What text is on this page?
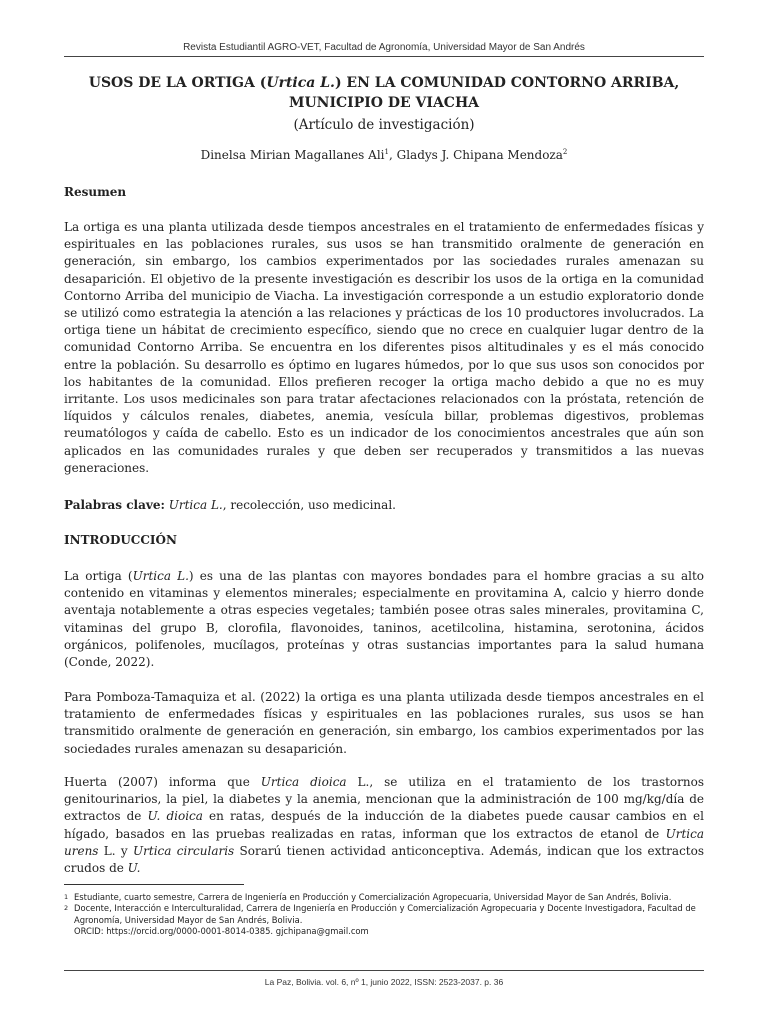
Revista Estudiantil AGRO-VET, Facultad de Agronomía, Universidad Mayor de San Andrés

USOS DE LA ORTIGA (Urtica L.) EN LA COMUNIDAD CONTORNO ARRIBA,
MUNICIPIO DE VIACHA

(Artículo de investigación)

Dinelsa Mirian Magallanes Ali$^1$, Gladys J. Chipana Mendoza$^2$

Resumen

La ortiga es una planta utilizada desde tiempos ancestrales en el tratamiento de enfermedades físicas y espirituales en las poblaciones rurales, sus usos se han transmitido oralmente de generación en generación, sin embargo, los cambios experimentados por las sociedades rurales amenazan su desaparición. El objetivo de la presente investigación es describir los usos de la ortiga en la comunidad Contorno Arriba del municipio de Viacha. La investigación corresponde a un estudio exploratorio donde se utilizó como estrategia la atención a las relaciones y prácticas de los 10 productores involucrados. La ortiga tiene un hábitat de crecimiento específico, siendo que no crece en cualquier lugar dentro de la comunidad Contorno Arriba. Se encuentra en los diferentes pisos altitudinales y es el más conocido entre la población. Su desarrollo es óptimo en lugares húmedos, por lo que sus usos son conocidos por los habitantes de la comunidad. Ellos prefieren recoger la ortiga macho debido a que no es muy irritante. Los usos medicinales son para tratar afectaciones relacionados con la próstata, retención de líquidos y cálculos renales, diabetes, anemia, vesícula billar, problemas digestivos, problemas reumatólogos y caída de cabello. Esto es un indicador de los conocimientos ancestrales que aún son aplicados en las comunidades rurales y que deben ser recuperados y transmitidos a las nuevas generaciones.

Palabras clave: Urtica L., recolección, uso medicinal.

INTRODUCCIÓN

La ortiga (Urtica L.) es una de las plantas con mayores bondades para el hombre gracias a su alto contenido en vitaminas y elementos minerales; especialmente en provitamina A, calcio y hierro donde aventaja notablemente a otras especies vegetales; también posee otras sales minerales, provitamina C, vitaminas del grupo B, clorofila, flavonoides, taninos, acetilcolina, histamina, serotonina, ácidos orgánicos, polifenoles, mucílagos, proteínas y otras sustancias importantes para la salud humana (Conde, 2022).

Para Pomboza-Tamaquiza et al. (2022) la ortiga es una planta utilizada desde tiempos ancestrales en el tratamiento de enfermedades físicas y espirituales en las poblaciones rurales, sus usos se han transmitido oralmente de generación en generación, sin embargo, los cambios experimentados por las sociedades rurales amenazan su desaparición.

Huerta (2007) informa que Urtica dioica L., se utiliza en el tratamiento de los trastornos genitourinarios, la piel, la diabetes y la anemia, mencionan que la administración de 100 mg/kg/día de extractos de U. dioica en ratas, después de la inducción de la diabetes puede causar cambios en el hígado, basados en las pruebas realizadas en ratas, informan que los extractos de etanol de Urtica urens L. y Urtica circularis Sorarú tienen actividad anticonceptiva. Además, indican que los extractos crudos de U.

1 Estudiante, cuarto semestre, Carrera de Ingeniería en Producción y Comercialización Agropecuaria, Universidad Mayor de San Andrés, Bolivia.
2 Docente, Interacción e Interculturalidad, Carrera de Ingeniería en Producción y Comercialización Agropecuaria y Docente Investigadora, Facultad de Agronomía, Universidad Mayor de San Andrés, Bolivia.
ORCID: https://orcid.org/0000-0001-8014-0385. gjchipana@gmail.com
La Paz, Bolivia. vol. 6, nº 1, junio 2022, ISSN: 2523-2037. p. 36
